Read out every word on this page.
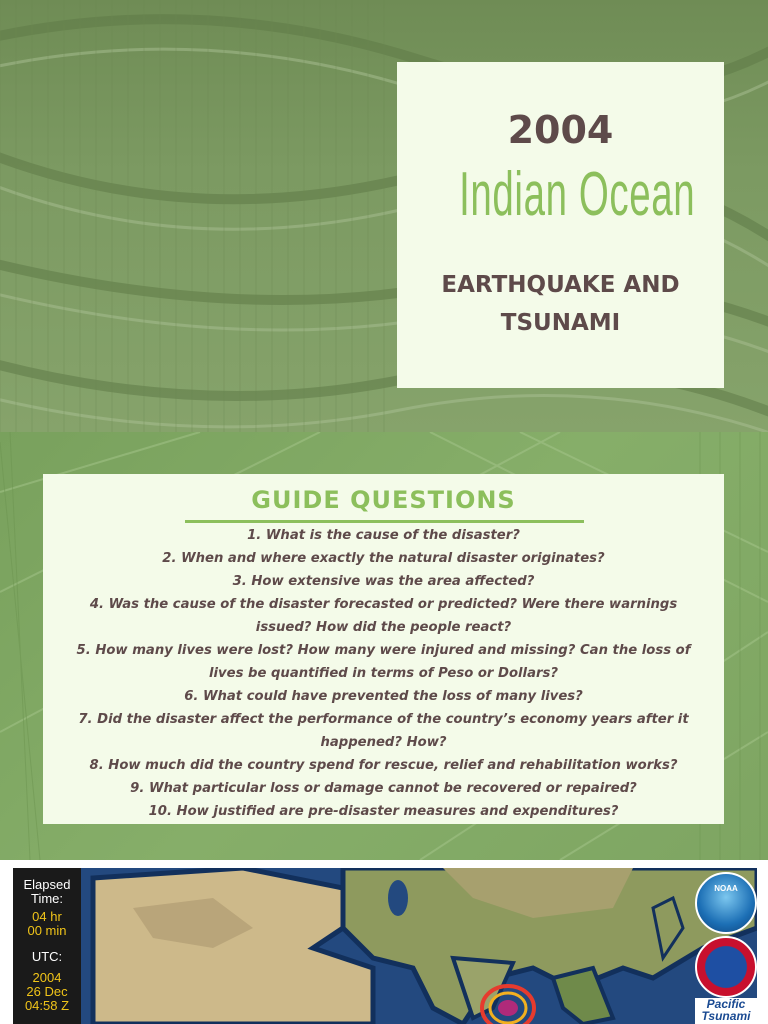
2004
Indian Ocean
EARTHQUAKE AND
TSUNAMI
GUIDE QUESTIONS
1. What is the cause of the disaster?
2. When and where exactly the natural disaster originates?
3. How extensive was the area affected?
4. Was the cause of the disaster forecasted or predicted? Were there warnings issued? How did the people react?
5. How many lives were lost? How many were injured and missing? Can the loss of lives be quantified in terms of Peso or Dollars?
6. What could have prevented the loss of many lives?
7. Did the disaster affect the performance of the country’s economy years after it happened? How?
8. How much did the country spend for rescue, relief and rehabilitation works?
9. What particular loss or damage cannot be recovered or repaired?
10. How justified are pre-disaster measures and expenditures?
Elapsed
Time:
04 hr
00 min
UTC:
2004
26 Dec
04:58 Z
NOAA
Pacific
Tsunami
